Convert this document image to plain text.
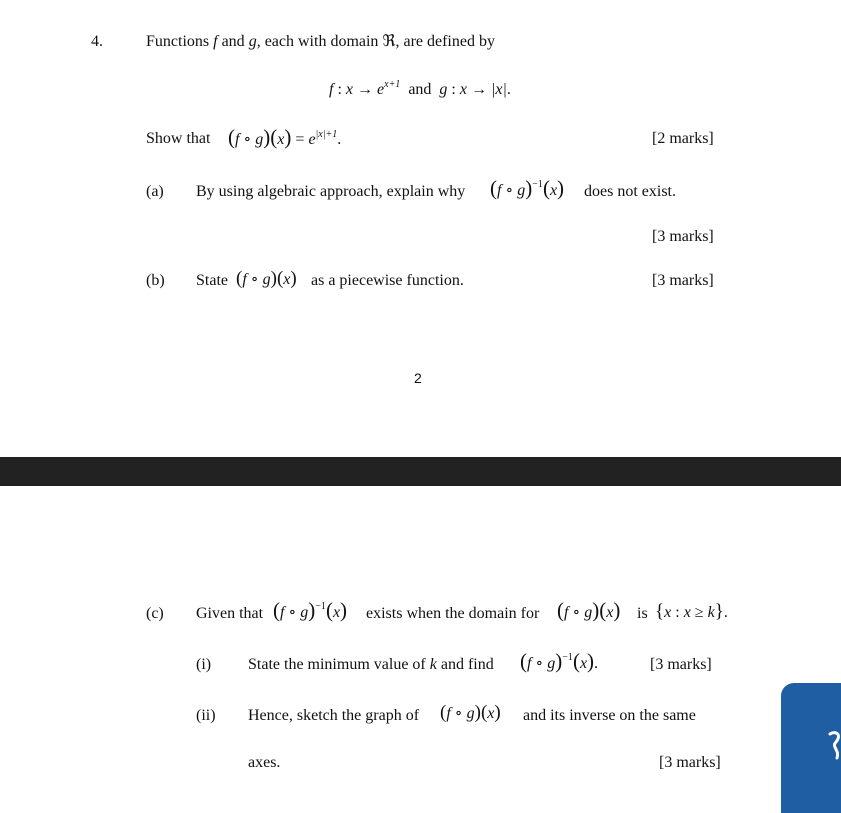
4.	Functions f and g, each with domain ℜ, are defined by
f : $x \to e^{x+1}$ and g : x → |x|.
Show that (f ∘ $g)(x) = e^{|x|+1}$.	[2 marks]
(a) By using algebraic approach, explain why (f ∘ g)$^{-1}$(x) does not exist.
[3 marks]
(b) State (f ∘ g)(x) as a piecewise function.	[3 marks]
2
(c) Given that (f ∘ g)$^{-1}$(x) exists when the domain for (f ∘ g)(x) is {x : x ≥ k}.
(i) State the minimum value of k and find (f ∘ g)$^{-1}$(x).	[3 marks]
(ii) Hence, sketch the graph of (f ∘ g)(x) and its inverse on the same
axes.	[3 marks]
